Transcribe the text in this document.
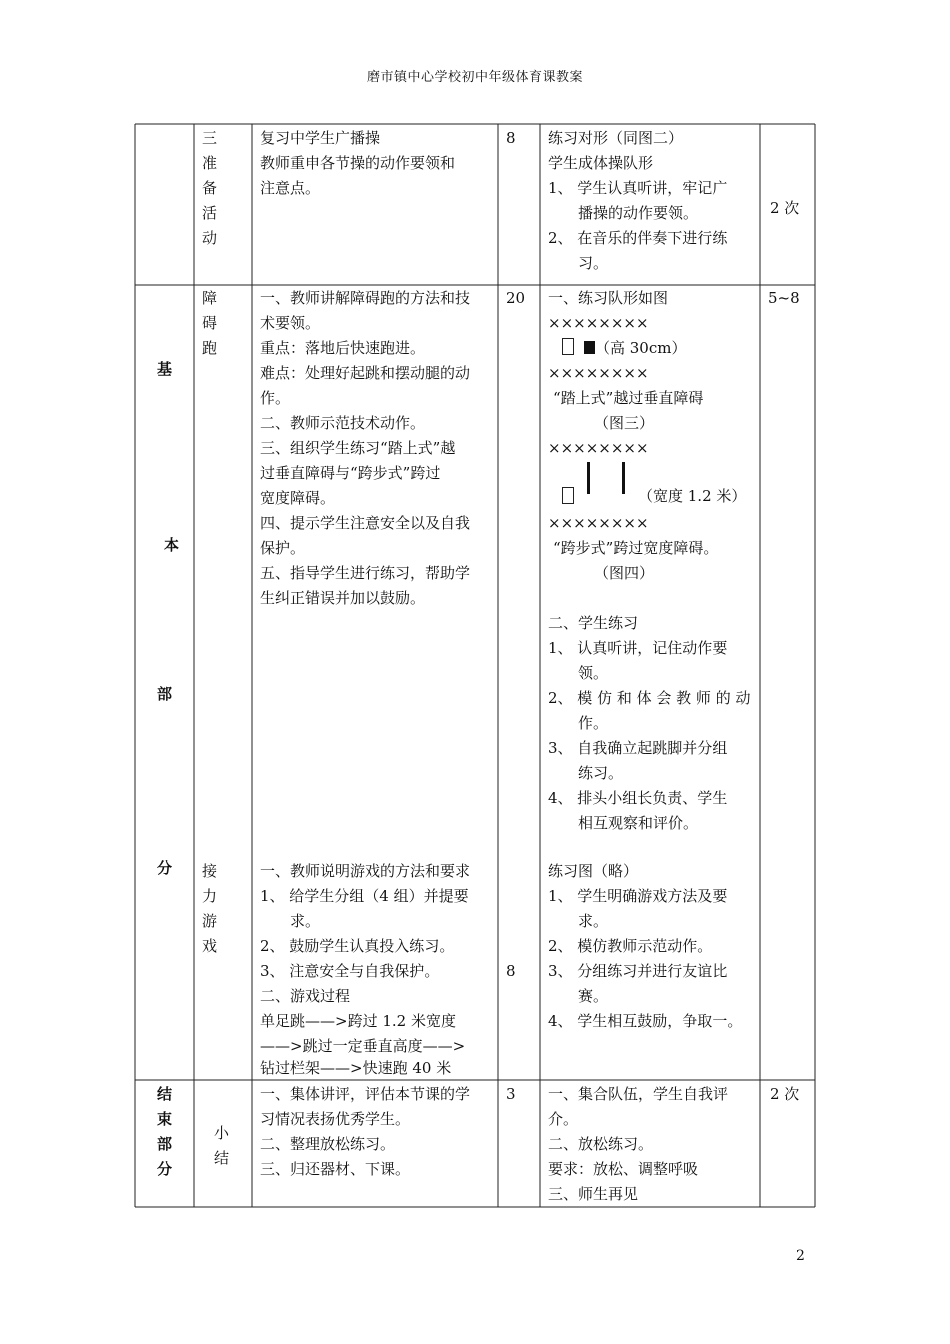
磨市镇中心学校初中年级体育课教案
三
准
备
活
动
复习中学生广播操
教师重申各节操的动作要领和
注意点。
8 练习对形（同图二）
学生成体操队形
1、 学生认真听讲，牢记广
播操的动作要领。
2、 在音乐的伴奏下进行练
习。
2 次
基
本
部
分
障
碍
跑
一、教师讲解障碍跑的方法和技
术要领。
重点：落地后快速跑进。
难点：处理好起跳和摆动腿的动
作。
二、教师示范技术动作。
三、组织学生练习“踏上式”越
过垂直障碍与“跨步式”跨过
宽度障碍。
四、提示学生注意安全以及自我
保护。
五、指导学生进行练习，帮助学
生纠正错误并加以鼓励。
20 一、练习队形如图
××××××××
（高 30cm）
××××××××
“踏上式”越过垂直障碍
（图三）
××××××××
（宽度 1.2 米）
××××××××
“跨步式”跨过宽度障碍。
（图四）
二、学生练习
1、 认真听讲，记住动作要
领。
2、 模 仿 和 体 会 教 师 的 动
作。
3、 自我确立起跳脚并分组
练习。
4、 排头小组长负责、学生
相互观察和评价。
5~8
接
力
游
戏
一、教师说明游戏的方法和要求
1、 给学生分组（4 组）并提要
求。
2、 鼓励学生认真投入练习。
3、 注意安全与自我保护。
二、游戏过程
单足跳——>跨过 1.2 米宽度
——>跳过一定垂直高度——>
钻过栏架——>快速跑 40 米
8
练习图（略）
1、 学生明确游戏方法及要
求。
2、 模仿教师示范动作。
3、 分组练习并进行友谊比
赛。
4、 学生相互鼓励，争取一。
结
束
部
分
小
结
一、集体讲评，评估本节课的学
习情况表扬优秀学生。
二、整理放松练习。
三、归还器材、下课。
3 一、集合队伍，学生自我评
介。
二、放松练习。
要求：放松、调整呼吸
三、师生再见
2 次
2
